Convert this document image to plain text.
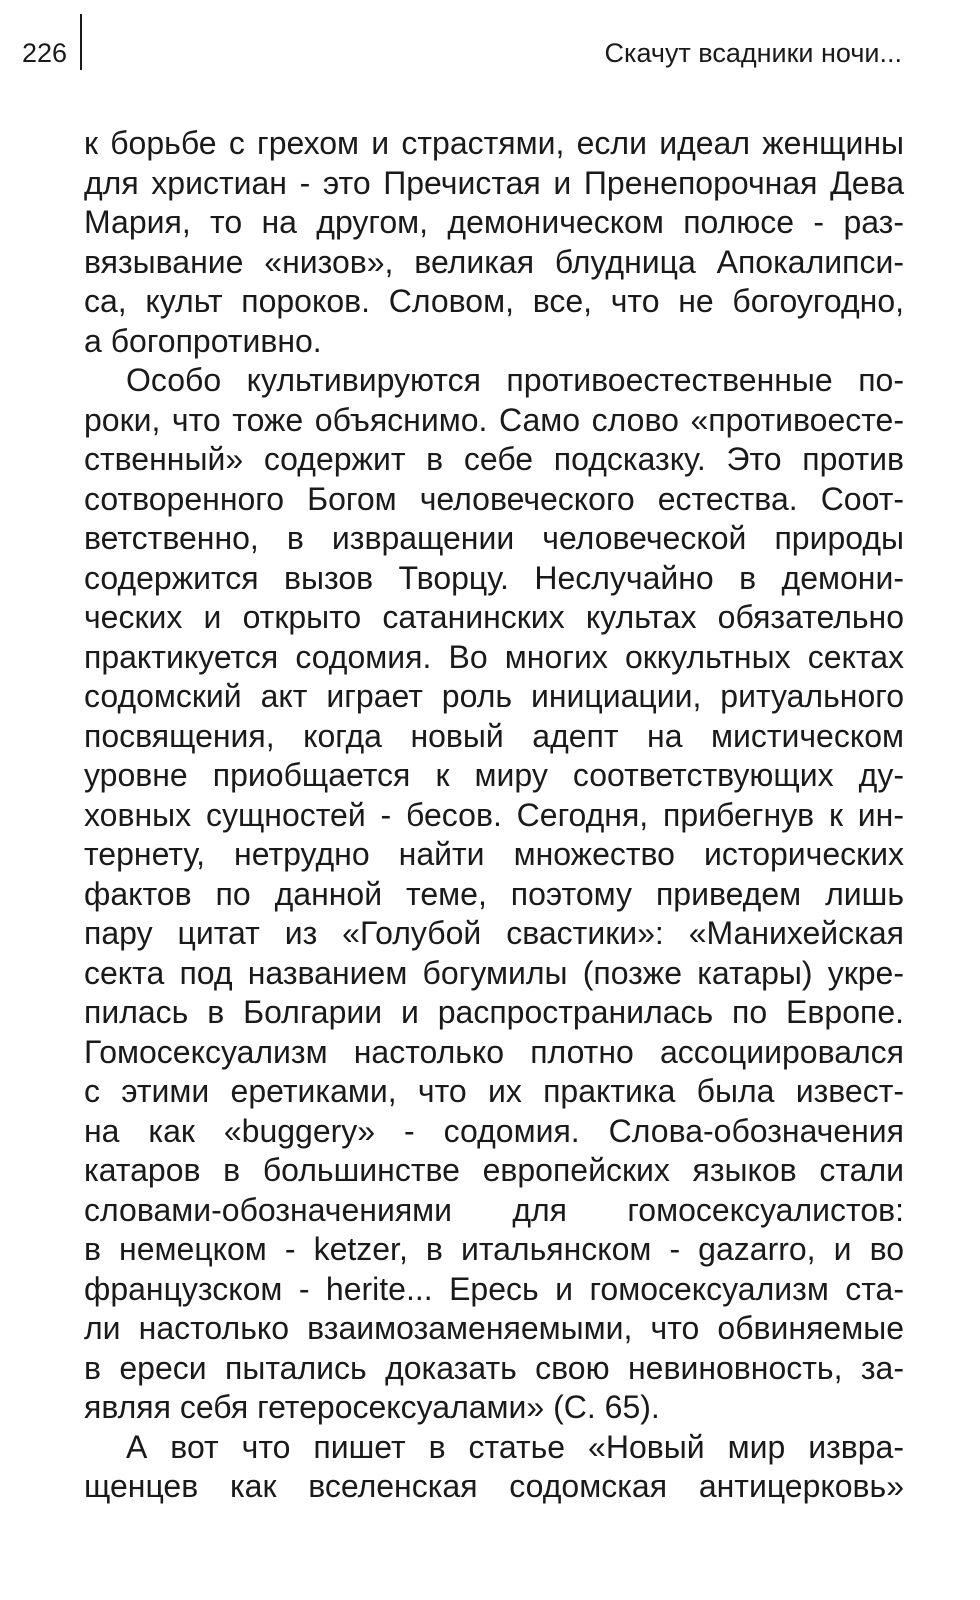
226	Скачут всадники ночи...
к борьбе с грехом и страстями, если идеал женщины
для христиан - это Пречистая и Пренепорочная Дева
Мария, то на другом, демоническом полюсе - раз-
вязывание «низов», великая блудница Апокалипси-
са, культ пороков. Словом, все, что не богоугодно,
а богопротивно.
Особо культивируются противоестественные по-
роки, что тоже объяснимо. Само слово «противоесте-
ственный» содержит в себе подсказку. Это против
сотворенного Богом человеческого естества. Соот-
ветственно, в извращении человеческой природы
содержится вызов Творцу. Неслучайно в демони-
ческих и открыто сатанинских культах обязательно
практикуется содомия. Во многих оккультных сектах
содомский акт играет роль инициации, ритуального
посвящения, когда новый адепт на мистическом
уровне приобщается к миру соответствующих ду-
ховных сущностей - бесов. Сегодня, прибегнув к ин-
тернету, нетрудно найти множество исторических
фактов по данной теме, поэтому приведем лишь
пару цитат из «Голубой свастики»: «Манихейская
секта под названием богумилы (позже катары) укре-
пилась в Болгарии и распространилась по Европе.
Гомосексуализм настолько плотно ассоциировался
с этими еретиками, что их практика была извест-
на как «buggery» - содомия. Слова-обозначения
катаров в большинстве европейских языков стали
словами-обозначениями для гомосексуалистов:
в немецком - ketzer, в итальянском - gazarro, и во
французском - herite... Ересь и гомосексуализм ста-
ли настолько взаимозаменяемыми, что обвиняемые
в ереси пытались доказать свою невиновность, за-
являя себя гетеросексуалами» (С. 65).
А вот что пишет в статье «Новый мир извра-
щенцев как вселенская содомская антицерковь»
